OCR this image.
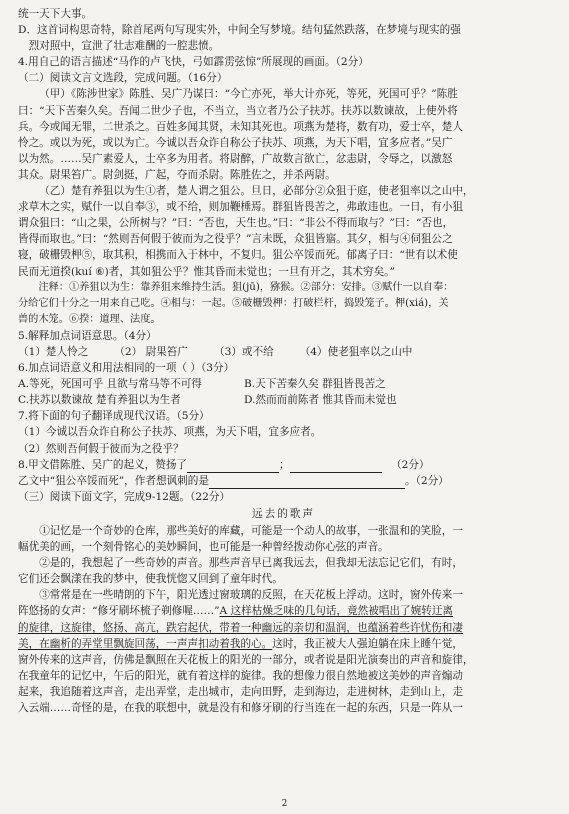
统一天下大事。

D．这首词构思奇特，除首尾两句写现实外，中间全写梦境。结句猛然跌落，在梦境与现实的强

烈对照中，宣泄了壮志难酬的一腔悲愤。

4.用自己的语言描述“马作的卢飞快，弓如霹雳弦惊”所展现的画面。（2分）

（二）阅读文言文选段，完成问题。（16分）

（甲）《陈涉世家》陈胜、吴广乃谋曰：“今亡亦死，举大计亦死，等死，死国可乎？”陈胜

曰：“天下苦秦久矣。吾闻二世少子也，不当立，当立者乃公子扶苏。扶苏以数谏故，上使外将

兵。今或闻无罪，二世杀之。百姓多闻其贤，未知其死也。项燕为楚将，数有功，爱士卒，楚人

怜之。或以为死，或以为亡。今诚以吾众诈自称公子扶苏、项燕，为天下唱，宜多应者。”吴广

以为然。……吴广素爱人，士卒多为用者。将尉醉，广故数言欲亡，忿恚尉，令辱之，以激怒

其众。尉果笞广。尉剑挺，广起，夺而杀尉。陈胜佐之，并杀两尉。

（乙）楚有养狙以为生①者，楚人谓之狙公。旦日，必部分②众狙于庭，使老狙率以之山中，

求草木之实，赋什一以自奉③，或不给，则加鞭棰焉。群狙皆畏苦之，弗敢违也。一日，有小狙

谓众狙曰：“山之果，公所树与？”曰：“否也，天生也。”曰：“非公不得而取与？”曰：“否也，

皆得而取也。”曰：“然则吾何假于彼而为之役乎？”言未既，众狙皆寤。其夕，相与④伺狙公之

寝，破栅毁柙⑤，取其积，相携而入于林中，不复归。狙公卒馁而死。郁离子曰：“世有以术使

民而无道揆(kuí ⑥)者，其如狙公乎？惟其昏而未觉也；一旦有开之，其术穷矣。”

注释：①养狙以为生：靠养狙来维持生活。狙(jū)，猕猴。②部分：安排。③赋什一以自奉：

分给它们十分之一用来自己吃。④相与：一起。⑤破栅毁柙：打破栏杆，捣毁笼子。柙(xiá)，关

兽的木笼。⑥揆：道理、法度。

5.解释加点词语意思。（4分）

（1）楚人怜之 （2） 尉果笞广 （3）或不给 （4）使老狙率以之山中

6.加点词语意义和用法相同的一项（ ）（3分）

A.等死，死国可乎 且欲与常马等不可得	B.天下苦秦久矣 群狙皆畏苦之
C.扶苏以数谏故 楚有养狙以为生者	D.然而而前陈者 惟其昏而未觉也

7.将下面的句子翻译成现代汉语。（5分）

（1）今诚以吾众诈自称公子扶苏、项燕，为天下唱，宜多应者。

（2）然则吾何假于彼而为之役乎？

8.甲文借陈胜、吴广的起义，赞扬了	；	（2分）

乙文中“狙公卒馁而死”，作者想讽刺的是	。（2分）

（三）阅读下面文字，完成9-12题。（22分）

远去的歌声

①记忆是一个奇妙的仓库，那些美好的库藏，可能是一个动人的故事，一张温和的笑脸，一

幅优美的画，一个刻骨铭心的美妙瞬间，也可能是一种曾经拨动你心弦的声音。

②是的，我想起了一些奇妙的声音。那些声音早已离我远去，但我却无法忘记它们，有时，

它们还会飘漾在我的梦中，使我恍惚又回到了童年时代。

③常常是在一些晴朗的下午，阳光透过窗玻璃的反照，在天花板上浮动。这时，窗外传来一

阵悠扬的女声：“修牙刷坏梳子剃修喔……”A 这样枯燥乏味的几句话，竟然被唱出了婉转迂离

的旋律，这旋律，悠扬、高亢，跌宕起伏，带着一种幽远的亲切和温润，也蕴涵着些许忧伤和凄

美，在幽析的弄堂里飘旋回荡，一声声扣动着我的心。这时，我正被大人强迫躺在床上睡午觉，

窗外传来的这声音，仿佛是飘照在天花板上的阳光的一部分，或者说是阳光演奏出的声音和旋律，

在我童年的记忆中，午后的阳光，就有着这样的旋律。我的想像力很自然地被这美妙的声音煽动

起来，我追随着这声音，走出弄堂，走出城市，走向田野，走到海边，走进树林，走到山上，走

入云端……奇怪的是，在我的联想中，就是没有和修牙刷的行当连在一起的东西，只是一阵从一

2
